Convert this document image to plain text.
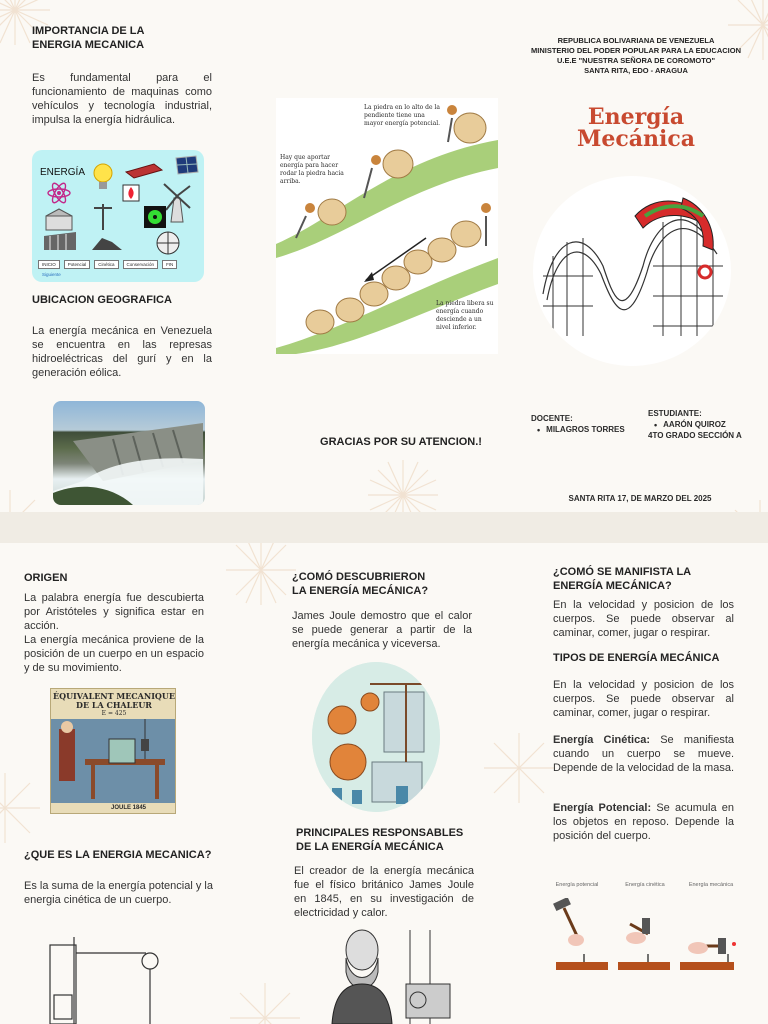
IMPORTANCIA DE LA ENERGIA MECANICA
Es fundamental para el funcionamiento de maquinas como vehículos y tecnología industrial, impulsa la energía hidráulica.
ENERGÍA
INICIO	Potencial	Cinética	Conservación	FIN
Siguiente
UBICACION GEOGRAFICA
La energía mecánica en Venezuela se encuentra en las represas hidroeléctricas del gurí y en la generación eólica.
La piedra en lo alto de la pendiente tiene una mayor energía potencial.
Hay que aportar energía para hacer rodar la piedra hacia arriba.
La piedra libera su energía cuando desciende a un nivel inferior.
GRACIAS POR SU ATENCION.!
REPUBLICA BOLIVARIANA DE VENEZUELA
MINISTERIO DEL PODER POPULAR PARA LA EDUCACION
U.E.E "NUESTRA SEÑORA DE COROMOTO"
SANTA RITA, EDO - ARAGUA
Energía
Mecánica
DOCENTE:
• MILAGROS TORRES
ESTUDIANTE:
• AARÓN QUIROZ
4TO GRADO SECCIÓN A
SANTA RITA 17, DE MARZO DEL 2025
ORIGEN
La palabra energía fue descubierta por Aristóteles y significa estar en acción.
La energía mecánica proviene de la posición de un cuerpo en un espacio y de su movimiento.
ÉQUIVALENT MECANIQUE
DE LA CHALEUR
E = 425
JOULE 1845
¿QUE ES LA ENERGIA MECANICA?
Es la suma de la energía potencial y la energia cinética de un cuerpo.
¿COMÓ DESCUBRIERON LA ENERGÍA MECÁNICA?
James Joule demostro que el calor se puede generar a partir de la energía mecánica y viceversa.
PRINCIPALES RESPONSABLES DE LA ENERGÍA MECÁNICA
El creador de la energía mecánica fue el físico británico James Joule en 1845, en su investigación de electricidad y calor.
¿COMÓ SE MANIFISTA LA ENERGÍA MECÁNICA?
En la velocidad y posicion de los cuerpos. Se puede observar al caminar, comer, jugar o respirar.
TIPOS DE ENERGÍA MECÁNICA
En la velocidad y posicion de los cuerpos. Se puede observar al caminar, comer, jugar o respirar.
Energía Cinética: Se manifiesta cuando un cuerpo se mueve. Depende de la velocidad de la masa.
Energía Potencial: Se acumula en los objetos en reposo. Depende la posición del cuerpo.
Energía potencial	Energía cinética	Energía mecánica
